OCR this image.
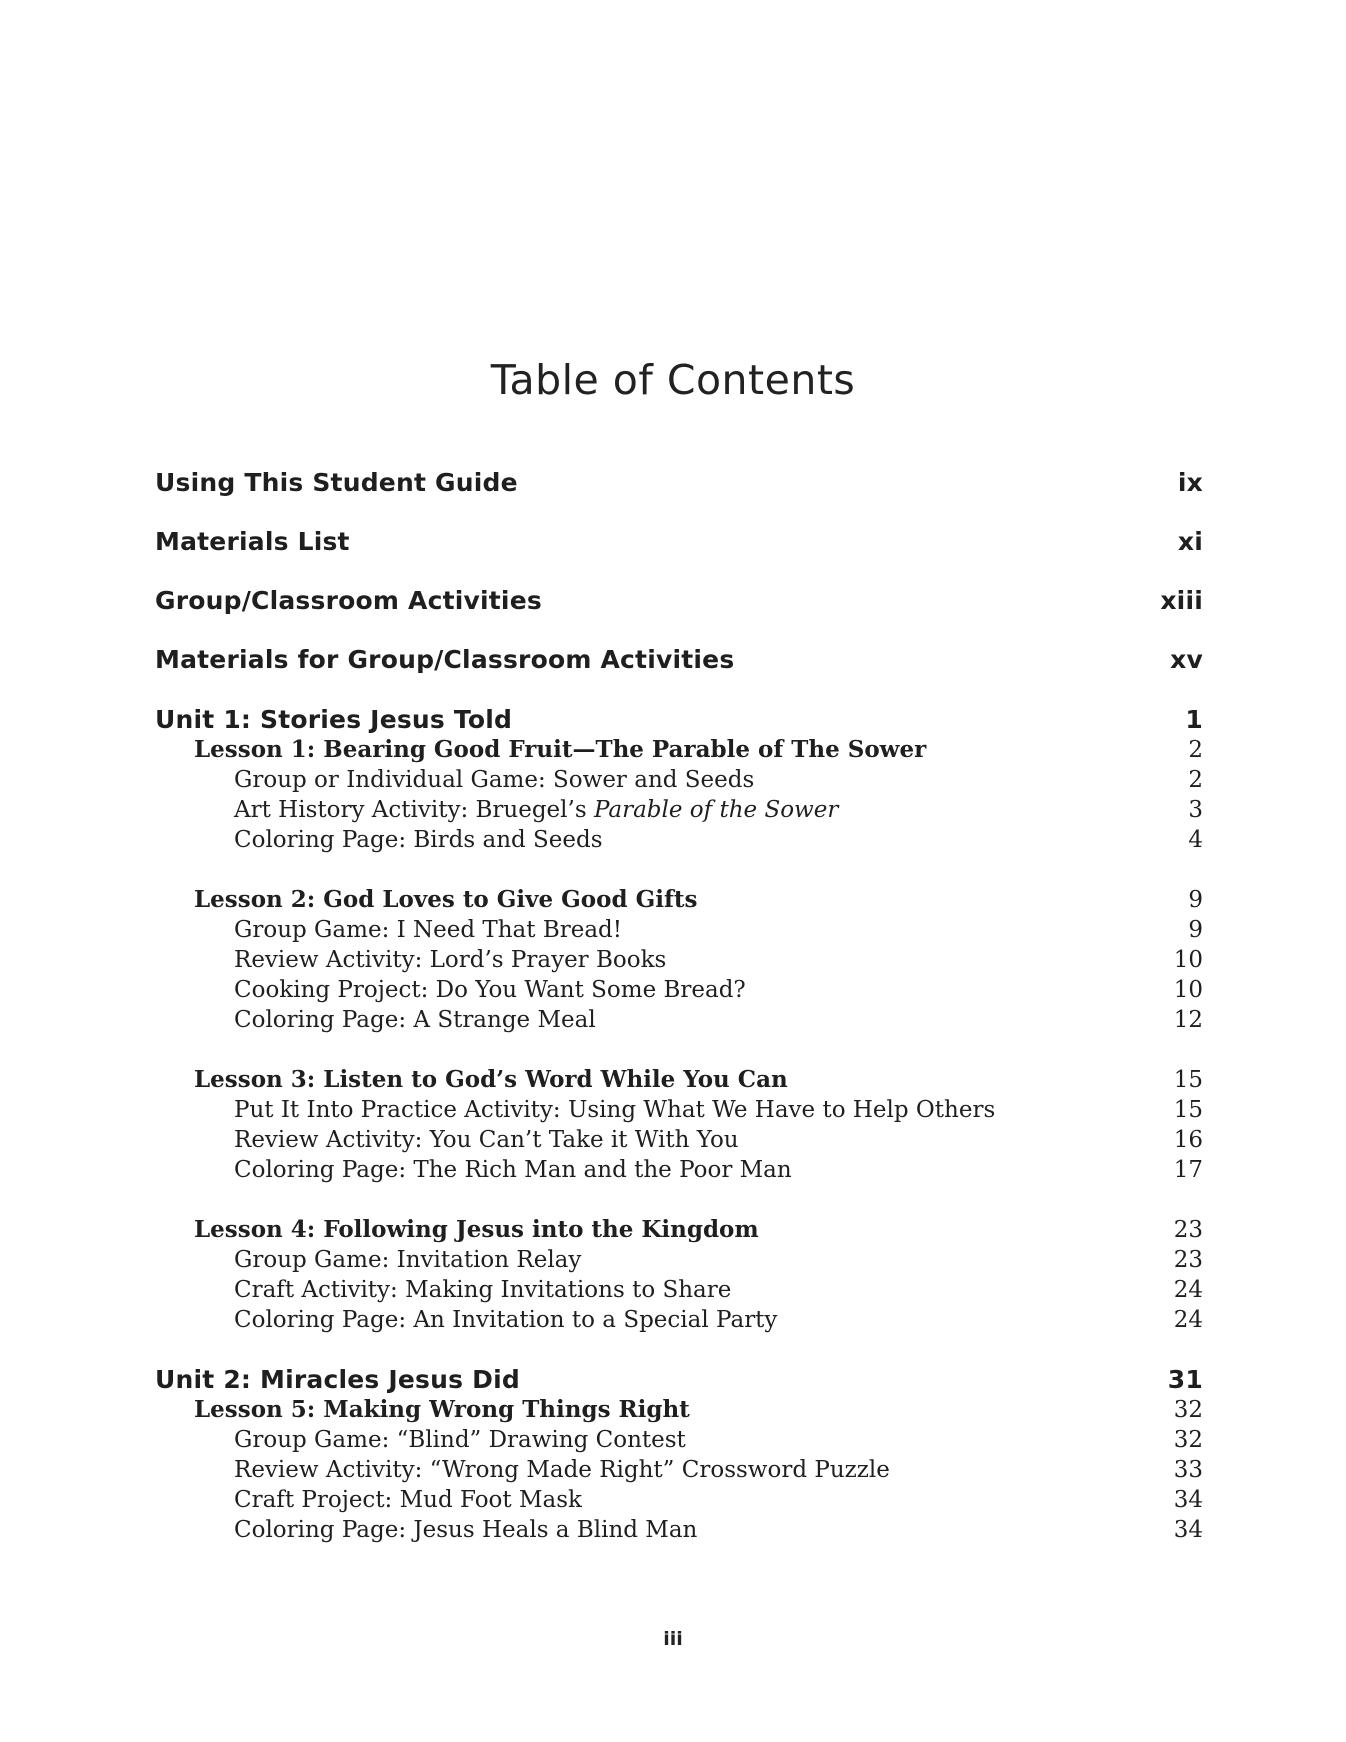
Table of Contents
Using This Student Guide	ix
Materials List	xi
Group/Classroom Activities	xiii
Materials for Group/Classroom Activities	xv
Unit 1: Stories Jesus Told	1
Lesson 1: Bearing Good Fruit—The Parable of The Sower	2
Group or Individual Game: Sower and Seeds	2
Art History Activity: Bruegel’s Parable of the Sower	3
Coloring Page: Birds and Seeds	4
Lesson 2: God Loves to Give Good Gifts	9
Group Game: I Need That Bread!	9
Review Activity: Lord’s Prayer Books	10
Cooking Project: Do You Want Some Bread?	10
Coloring Page: A Strange Meal	12
Lesson 3: Listen to God’s Word While You Can	15
Put It Into Practice Activity: Using What We Have to Help Others	15
Review Activity: You Can’t Take it With You	16
Coloring Page: The Rich Man and the Poor Man	17
Lesson 4: Following Jesus into the Kingdom	23
Group Game: Invitation Relay	23
Craft Activity: Making Invitations to Share	24
Coloring Page: An Invitation to a Special Party	24
Unit 2: Miracles Jesus Did	31
Lesson 5: Making Wrong Things Right	32
Group Game: “Blind” Drawing Contest	32
Review Activity: “Wrong Made Right” Crossword Puzzle	33
Craft Project: Mud Foot Mask	34
Coloring Page: Jesus Heals a Blind Man	34
iii
